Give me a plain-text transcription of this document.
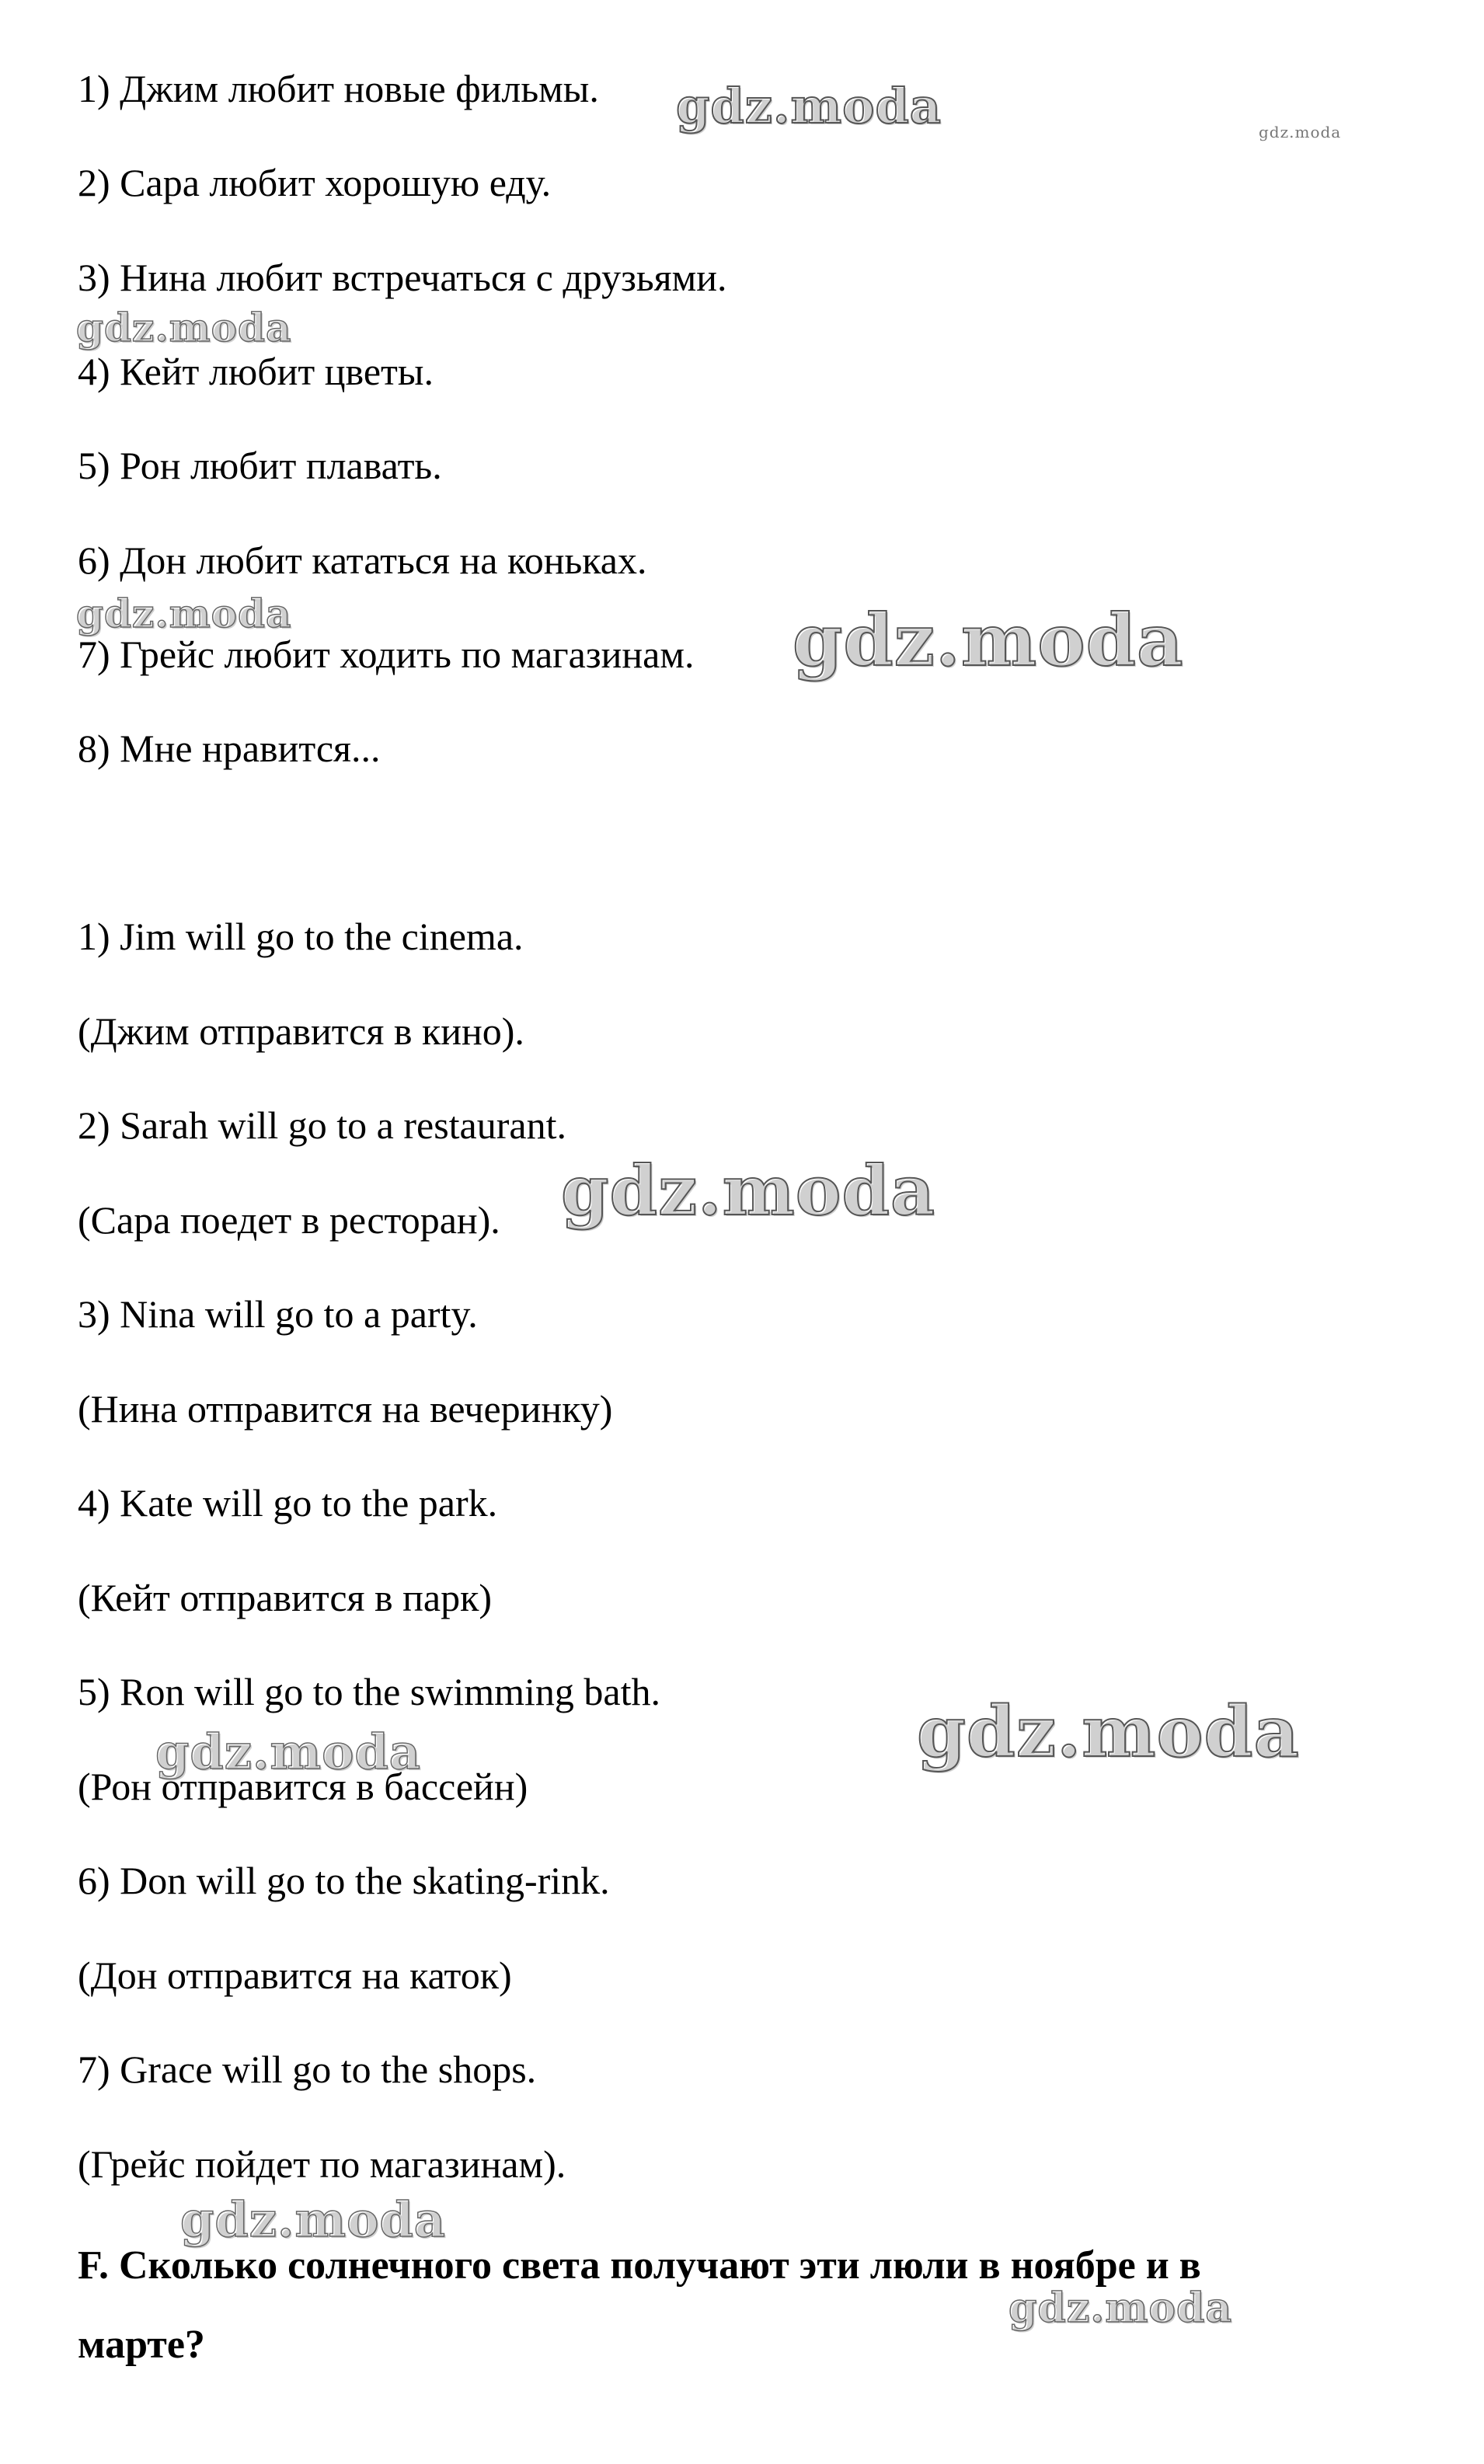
1) Джим любит новые фильмы.
2) Сара любит хорошую еду.
3) Нина любит встречаться с друзьями.
4) Кейт любит цветы.
5) Рон любит плавать.
6) Дон любит кататься на коньках.
7) Грейс любит ходить по магазинам.
8) Мне нравится...
1) Jim will go to the cinema.
(Джим отправится в кино).
2) Sarah will go to a restaurant.
(Сара поедет в ресторан).
3) Nina will go to a party.
(Нина отправится на вечеринку)
4) Kate will go to the park.
(Кейт отправится в парк)
5) Ron will go to the swimming bath.
(Рон отправится в бассейн)
6) Don will go to the skating-rink.
(Дон отправится на каток)
7) Grace will go to the shops.
(Грейс пойдет по магазинам).
F. Сколько солнечного света получают эти люли в ноябре и в
марте?
gdz.moda	gdz.moda
gdz.moda
gdz.moda	gdz.moda
gdz.moda
gdz.moda
gdz.moda
gdz.moda
gdz.moda
